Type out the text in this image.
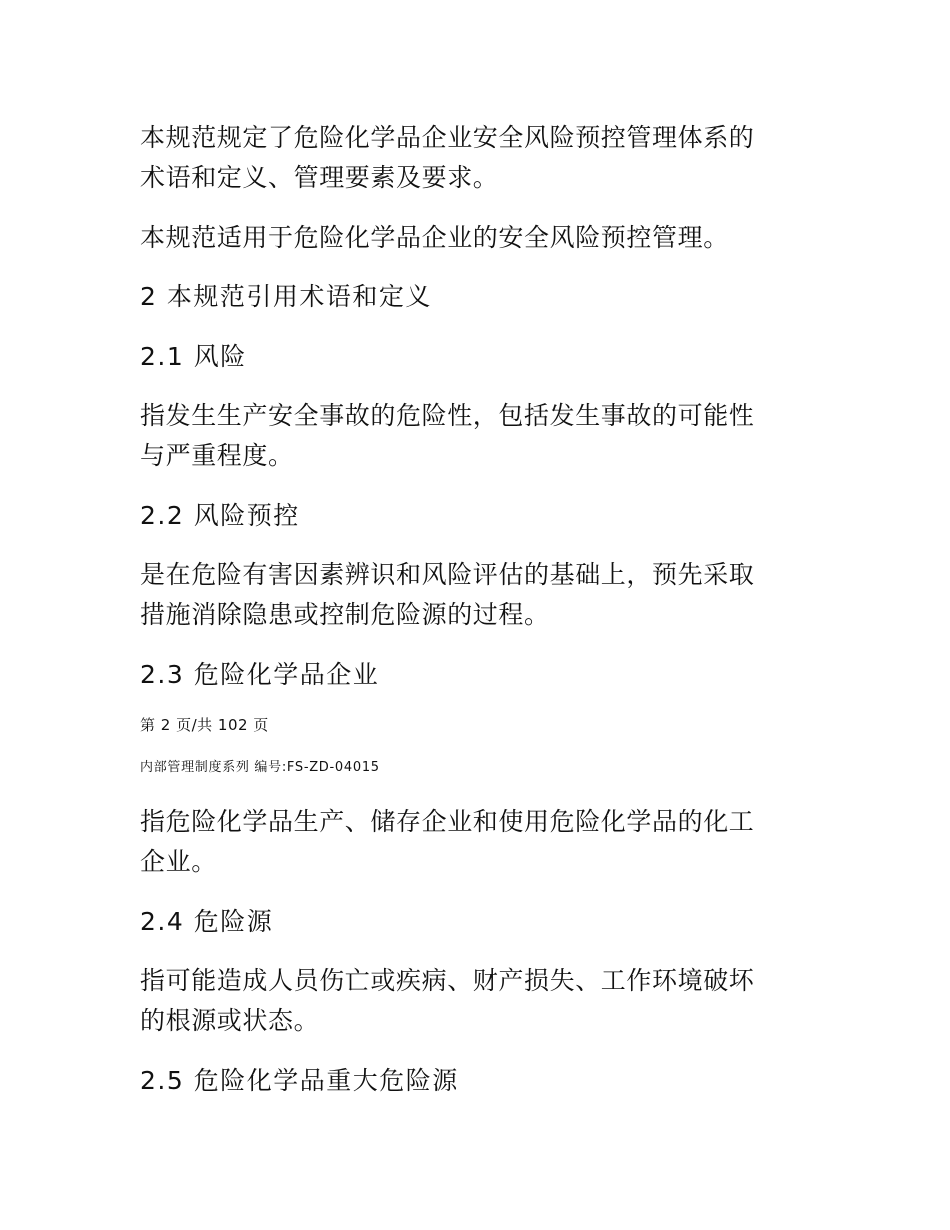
本规范规定了危险化学品企业安全风险预控管理体系的
术语和定义、管理要素及要求。

本规范适用于危险化学品企业的安全风险预控管理。

2 本规范引用术语和定义

2.1 风险

指发生生产安全事故的危险性，包括发生事故的可能性
与严重程度。

2.2 风险预控

是在危险有害因素辨识和风险评估的基础上，预先采取
措施消除隐患或控制危险源的过程。

2.3 危险化学品企业

第 2 页/共 102 页

内部管理制度系列 编号:FS-ZD-04015

指危险化学品生产、储存企业和使用危险化学品的化工
企业。

2.4 危险源

指可能造成人员伤亡或疾病、财产损失、工作环境破坏
的根源或状态。

2.5 危险化学品重大危险源
